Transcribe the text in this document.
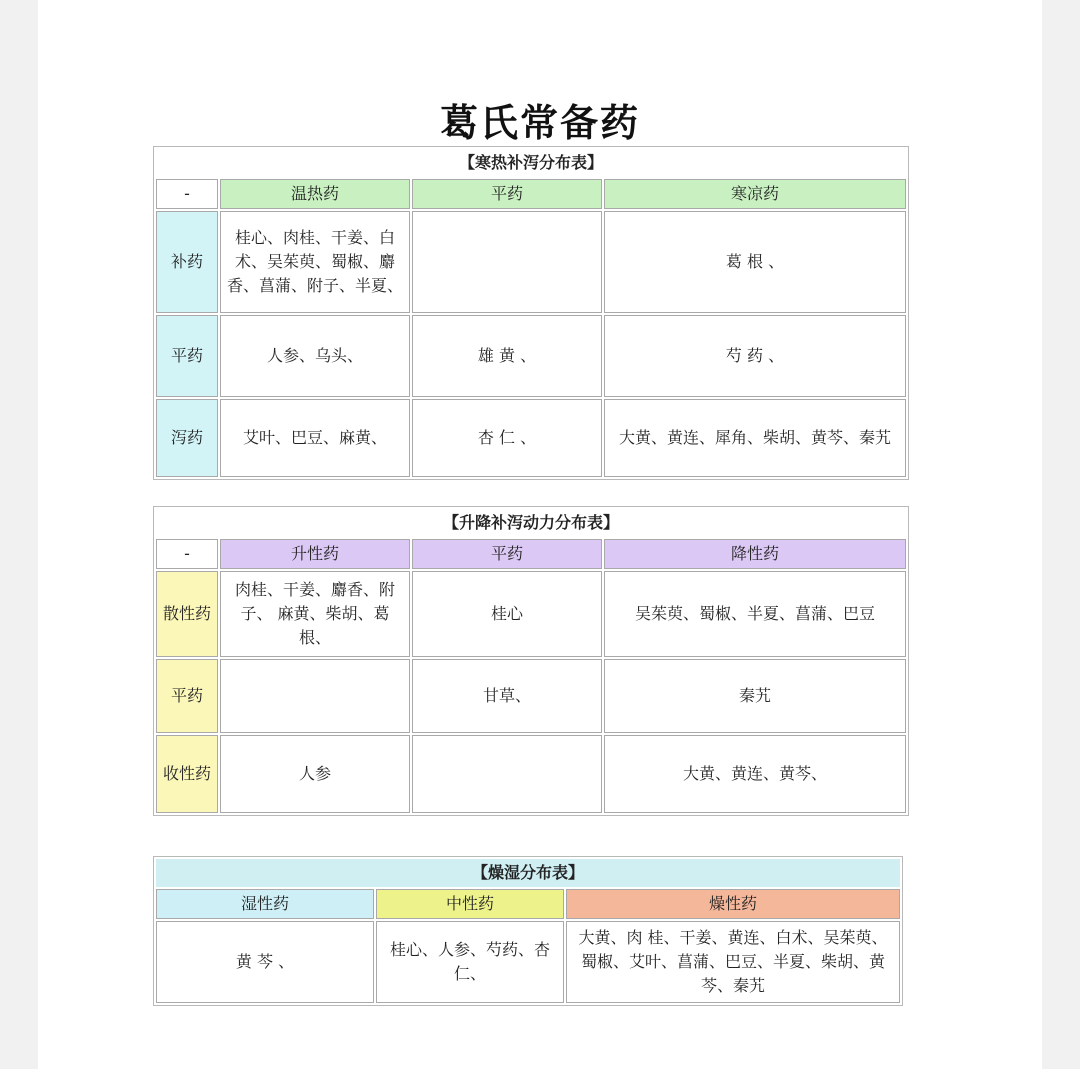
葛氏常备药
【寒热补泻分布表】			
-	温热药	平药	寒凉药
补药	桂心、肉桂、干姜、白术、吴茱萸、蜀椒、麝香、菖蒲、附子、半夏、		葛 根 、
平药	人参、乌头、	雄 黄 、	芍 药 、
泻药	艾叶、巴豆、麻黄、	杏 仁 、	大黄、黄连、犀角、柴胡、黄芩、秦艽
【升降补泻动力分布表】			
-	升性药	平药	降性药
散性药	肉桂、干姜、麝香、附子、 麻黄、柴胡、葛根、	桂心	吴茱萸、蜀椒、半夏、菖蒲、巴豆
平药		甘草、	秦艽
收性药	人参		大黄、黄连、黄芩、
【燥湿分布表】		
湿性药	中性药	燥性药
黄 芩 、	桂心、人参、芍药、杏仁、	大黄、肉 桂、干姜、黄连、白术、吴茱萸、蜀椒、艾叶、菖蒲、巴豆、半夏、柴胡、黄芩、秦艽
